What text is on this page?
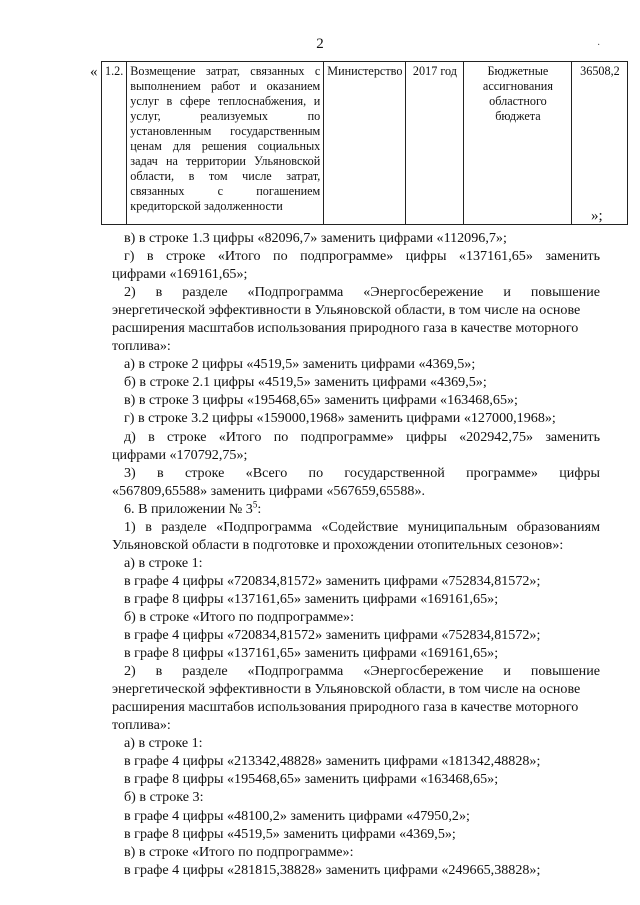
2	·
« 1.2.	Возмещение затрат, связанных с выполнением работ и оказанием услуг в сфере теплоснабжения, и услуг, реализуемых по установленным государственным ценам для решения социальных задач на территории Ульяновской области, в том числе затрат, связанных с погашением кредиторской задолженности	Министерство	2017 год	Бюджетные ассигнования областного бюджета	36508,2
»;

в) в строке 1.3 цифры «82096,7» заменить цифрами «112096,7»;

г) в строке «Итого по подпрограмме» цифры «137161,65» заменить

цифрами «169161,65»;

2) в разделе «Подпрограмма «Энергосбережение и повышение

энергетической эффективности в Ульяновской области, в том числе на основе

расширения масштабов использования природного газа в качестве моторного

топлива»:

а) в строке 2 цифры «4519,5» заменить цифрами «4369,5»;

б) в строке 2.1 цифры «4519,5» заменить цифрами «4369,5»;

в) в строке 3 цифры «195468,65» заменить цифрами «163468,65»;

г) в строке 3.2 цифры «159000,1968» заменить цифрами «127000,1968»;

д) в строке «Итого по подпрограмме» цифры «202942,75» заменить

цифрами «170792,75»;

3) в строке «Всего по государственной программе» цифры

«567809,65588» заменить цифрами «567659,65588».

6. В приложении № $3^5$:

1) в разделе «Подпрограмма «Содействие муниципальным образованиям

Ульяновской области в подготовке и прохождении отопительных сезонов»:

а) в строке 1:

в графе 4 цифры «720834,81572» заменить цифрами «752834,81572»;

в графе 8 цифры «137161,65» заменить цифрами «169161,65»;

б) в строке «Итого по подпрограмме»:

в графе 4 цифры «720834,81572» заменить цифрами «752834,81572»;

в графе 8 цифры «137161,65» заменить цифрами «169161,65»;

2) в разделе «Подпрограмма «Энергосбережение и повышение

энергетической эффективности в Ульяновской области, в том числе на основе

расширения масштабов использования природного газа в качестве моторного

топлива»:

а) в строке 1:

в графе 4 цифры «213342,48828» заменить цифрами «181342,48828»;

в графе 8 цифры «195468,65» заменить цифрами «163468,65»;

б) в строке 3:

в графе 4 цифры «48100,2» заменить цифрами «47950,2»;

в графе 8 цифры «4519,5» заменить цифрами «4369,5»;

в) в строке «Итого по подпрограмме»:

в графе 4 цифры «281815,38828» заменить цифрами «249665,38828»;
